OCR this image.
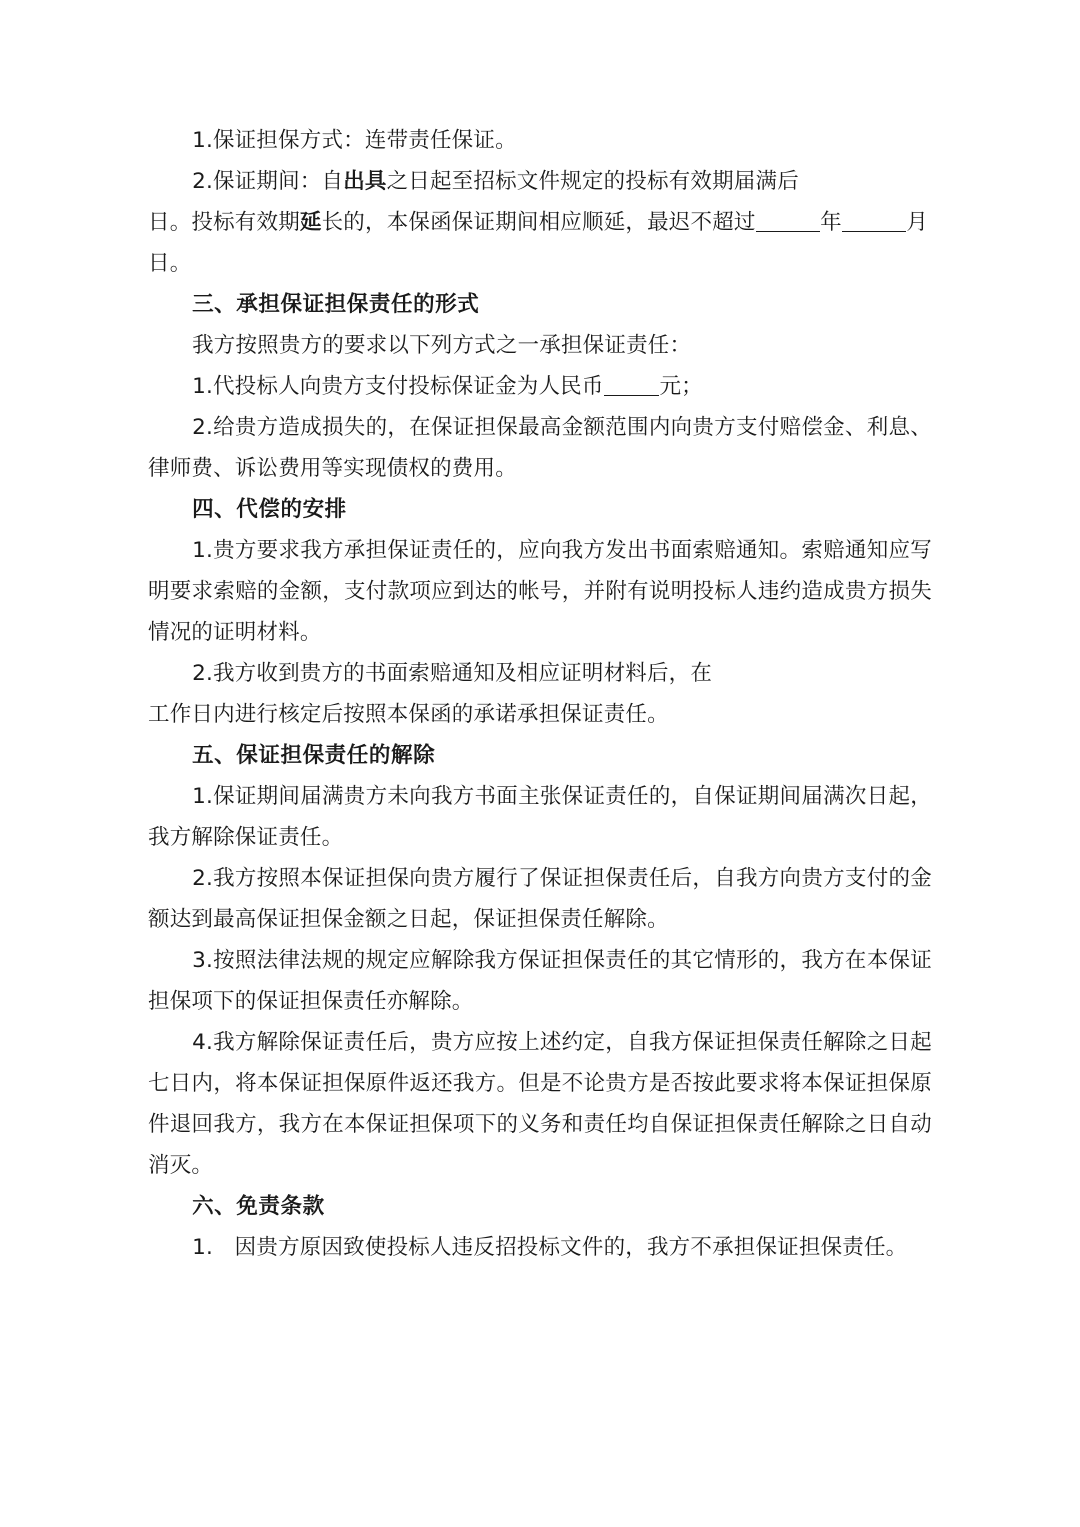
1.保证担保方式：连带责任保证。

2.保证期间：自出具之日起至招标文件规定的投标有效期届满后

日。投标有效期延长的，本保函保证期间相应顺延，最迟不超过	年	月

日。

三、承担保证担保责任的形式

我方按照贵方的要求以下列方式之一承担保证责任：

1.代投标人向贵方支付投标保证金为人民币	元；

2.给贵方造成损失的，在保证担保最高金额范围内向贵方支付赔偿金、利息、律师费、诉讼费用等实现债权的费用。

四、代偿的安排

1.贵方要求我方承担保证责任的，应向我方发出书面索赔通知。索赔通知应写明要求索赔的金额，支付款项应到达的帐号，并附有说明投标人违约造成贵方损失情况的证明材料。

2.我方收到贵方的书面索赔通知及相应证明材料后，在

工作日内进行核定后按照本保函的承诺承担保证责任。

五、保证担保责任的解除

1.保证期间届满贵方未向我方书面主张保证责任的，自保证期间届满次日起，我方解除保证责任。

2.我方按照本保证担保向贵方履行了保证担保责任后，自我方向贵方支付的金额达到最高保证担保金额之日起，保证担保责任解除。

3.按照法律法规的规定应解除我方保证担保责任的其它情形的，我方在本保证担保项下的保证担保责任亦解除。

4.我方解除保证责任后，贵方应按上述约定，自我方保证担保责任解除之日起七日内，将本保证担保原件返还我方。但是不论贵方是否按此要求将本保证担保原件退回我方，我方在本保证担保项下的义务和责任均自保证担保责任解除之日自动消灭。

六、免责条款

1.　因贵方原因致使投标人违反招投标文件的，我方不承担保证担保责任。
